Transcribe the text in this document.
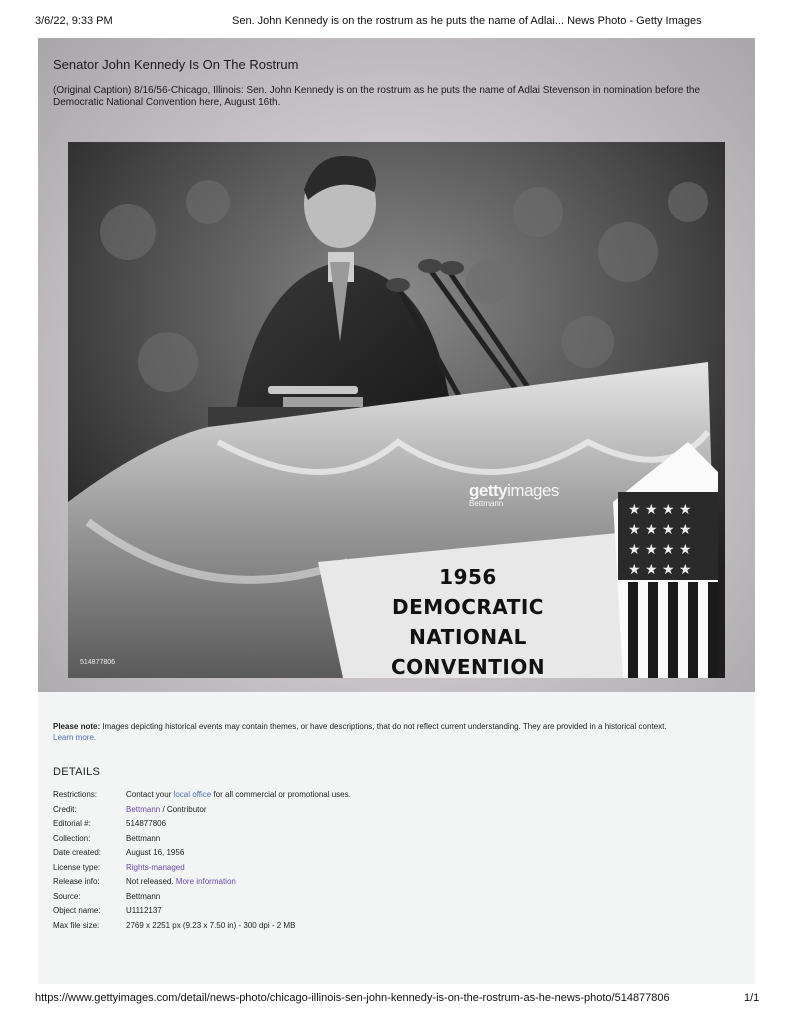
3/6/22, 9:33 PM	Sen. John Kennedy is on the rostrum as he puts the name of Adlai... News Photo - Getty Images
Senator John Kennedy Is On The Rostrum

(Original Caption) 8/16/56-Chicago, Illinois: Sen. John Kennedy is on the rostrum as he puts the name of Adlai Stevenson in nomination before the Democratic National Convention here, August 16th.

★ ★ ★ ★
★ ★ ★ ★
★ ★ ★ ★
★ ★ ★ ★
1956
DEMOCRATIC
NATIONAL
CONVENTION
gettyimages
Bettmann
514877806
Please note: Images depicting historical events may contain themes, or have descriptions, that do not reflect current understanding. They are provided in a historical context.
Learn more.
DETAILS
Restrictions:	Contact your local office for all commercial or promotional uses.
Credit:	Bettmann / Contributor
Editorial #:	514877806
Collection:	Bettmann
Date created:	August 16, 1956
License type:	Rights-managed
Release info:	Not released. More information
Source:	Bettmann
Object name:	U1112137
Max file size:	2769 x 2251 px (9.23 x 7.50 in) - 300 dpi - 2 MB
https://www.gettyimages.com/detail/news-photo/chicago-illinois-sen-john-kennedy-is-on-the-rostrum-as-he-news-photo/514877806	1/1
